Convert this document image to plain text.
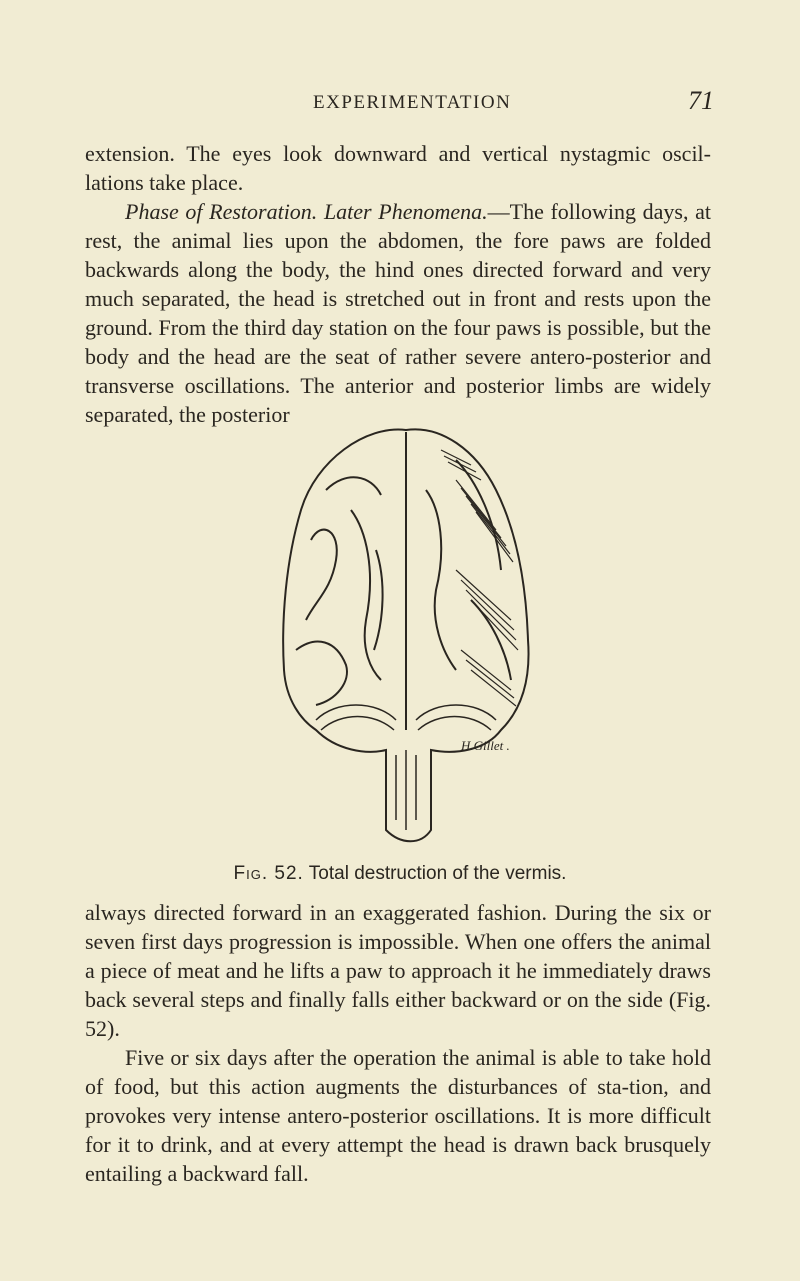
EXPERIMENTATION	71

extension. The eyes look downward and vertical nystagmic oscil-lations take place.
Phase of Restoration. Later Phenomena.—The following days, at rest, the animal lies upon the abdomen, the fore paws are folded backwards along the body, the hind ones directed forward and very much separated, the head is stretched out in front and rests upon the ground. From the third day station on the four paws is possible, but the body and the head are the seat of rather severe antero-posterior and transverse oscillations. The anterior and posterior limbs are widely separated, the posterior

H.Gillet .
Fig. 52. Total destruction of the vermis.

always directed forward in an exaggerated fashion. During the six or seven first days progression is impossible. When one offers the animal a piece of meat and he lifts a paw to approach it he immediately draws back several steps and finally falls either backward or on the side (Fig. 52).

Five or six days after the operation the animal is able to take hold of food, but this action augments the disturbances of sta-tion, and provokes very intense antero-posterior oscillations. It is more difficult for it to drink, and at every attempt the head is drawn back brusquely entailing a backward fall.
